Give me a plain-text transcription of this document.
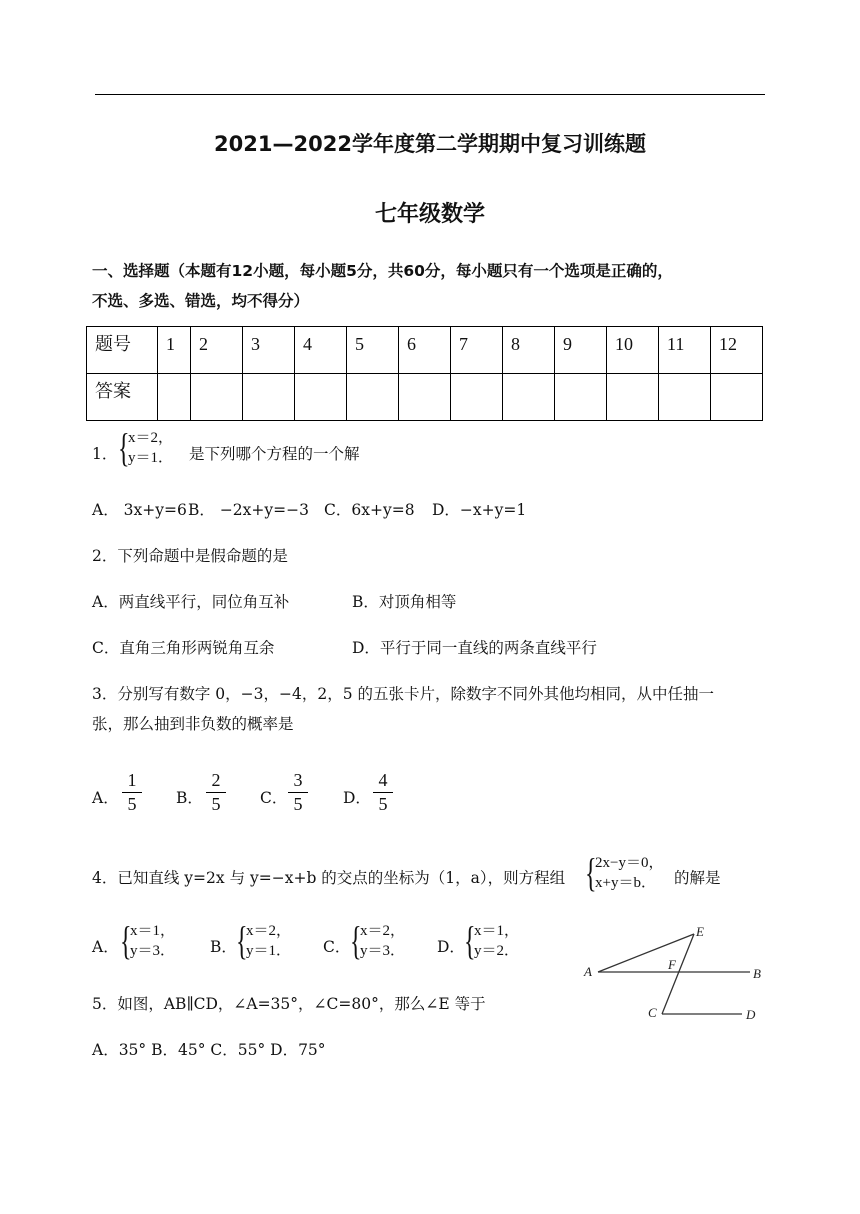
2021—2022学年度第二学期期中复习训练题
七年级数学
一、选择题（本题有12小题，每小题5分，共60分，每小题只有一个选项是正确的，
不选、多选、错选，均不得分）
题号	1	2	3	4	5	6	7	8	9	10	11	12
答案												
1． {
x＝2，
y＝1． 是下列哪个方程的一个解
A． 3x+y=6 B． −2x+y=−3 C．6x+y=8 D．−x+y=1
2．下列命题中是假命题的是
A．两直线平行，同位角互补	B．对顶角相等
C．直角三角形两锐角互余	D．平行于同一直线的两条直线平行
3．分别写有数字 0，−3，−4，2，5 的五张卡片，除数字不同外其他均相同，从中任抽一
张，那么抽到非负数的概率是
A．
1
5	B．
2
5	C．
3
5	D．
4
5
4．已知直线 y=2x 与 y=−x+b 的交点的坐标为（1，a），则方程组 {
2x−y＝0，
x+y＝b．	的解是
A． {
x＝1，
y＝3． B． {
x＝2，
y＝1． C． {
x＝2，
y＝3． D． {
x＝1，
y＝2．
5．如图，AB∥CD，∠A=35°，∠C=80°，那么∠E 等于
A．35° B．45° C．55° D．75°
A	B
C	D
E
F
